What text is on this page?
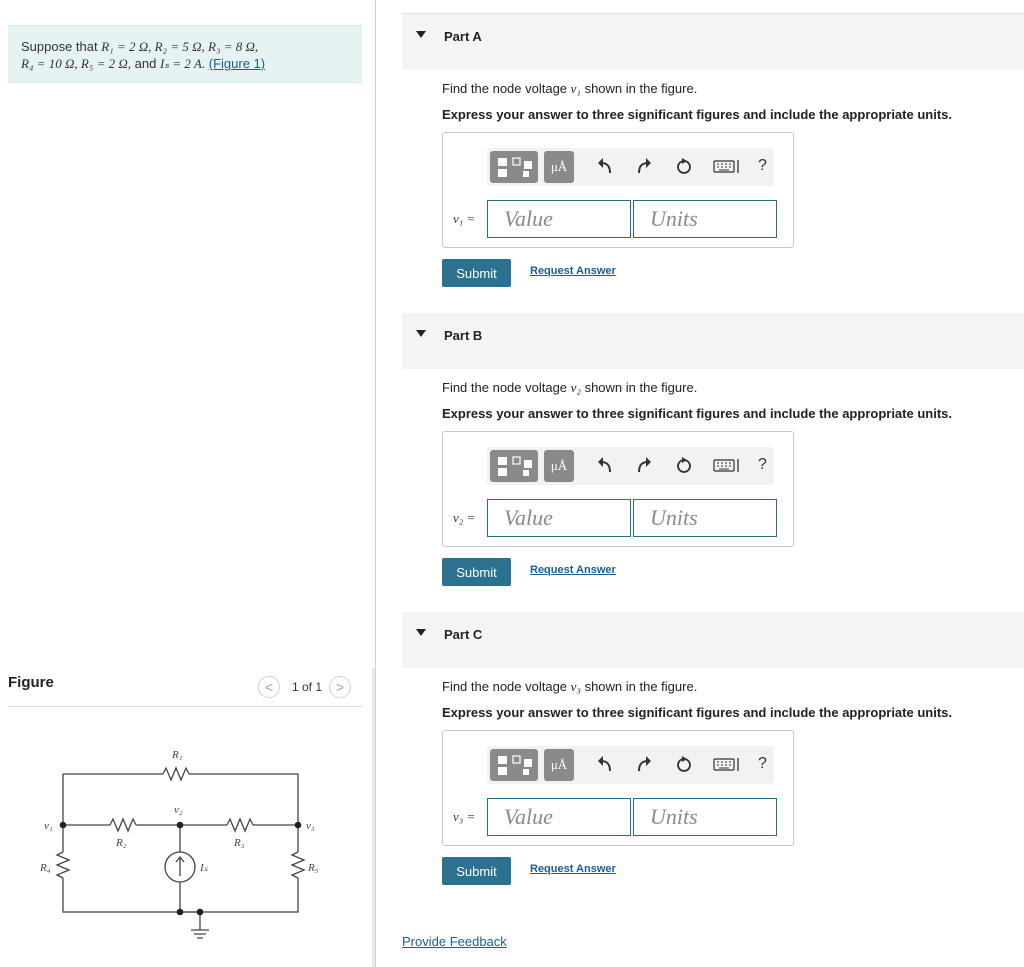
Suppose that R₁ = 2 Ω, R₂ = 5 Ω, R₃ = 8 Ω,
R₄ = 10 Ω, R₅ = 2 Ω, and Iₛ = 2 A. (Figure 1)
Figure	< 1 of 1 >
R₁
R₂	R₃
R₄	R₅
v₁
v₂
v₃
Iₛ
Part A
Find the node voltage v₁ shown in the figure.
Express your answer to three significant figures and include the appropriate units.
μÅ	?
v₁ =
Value
Units
Submit	Request Answer
Part B
Find the node voltage v₂ shown in the figure.
Express your answer to three significant figures and include the appropriate units.
μÅ	?
v₂ =
Value
Units
Submit	Request Answer
Part C
Find the node voltage v₃ shown in the figure.
Express your answer to three significant figures and include the appropriate units.
μÅ	?
v₃ =
Value
Units
Submit	Request Answer
Provide Feedback
